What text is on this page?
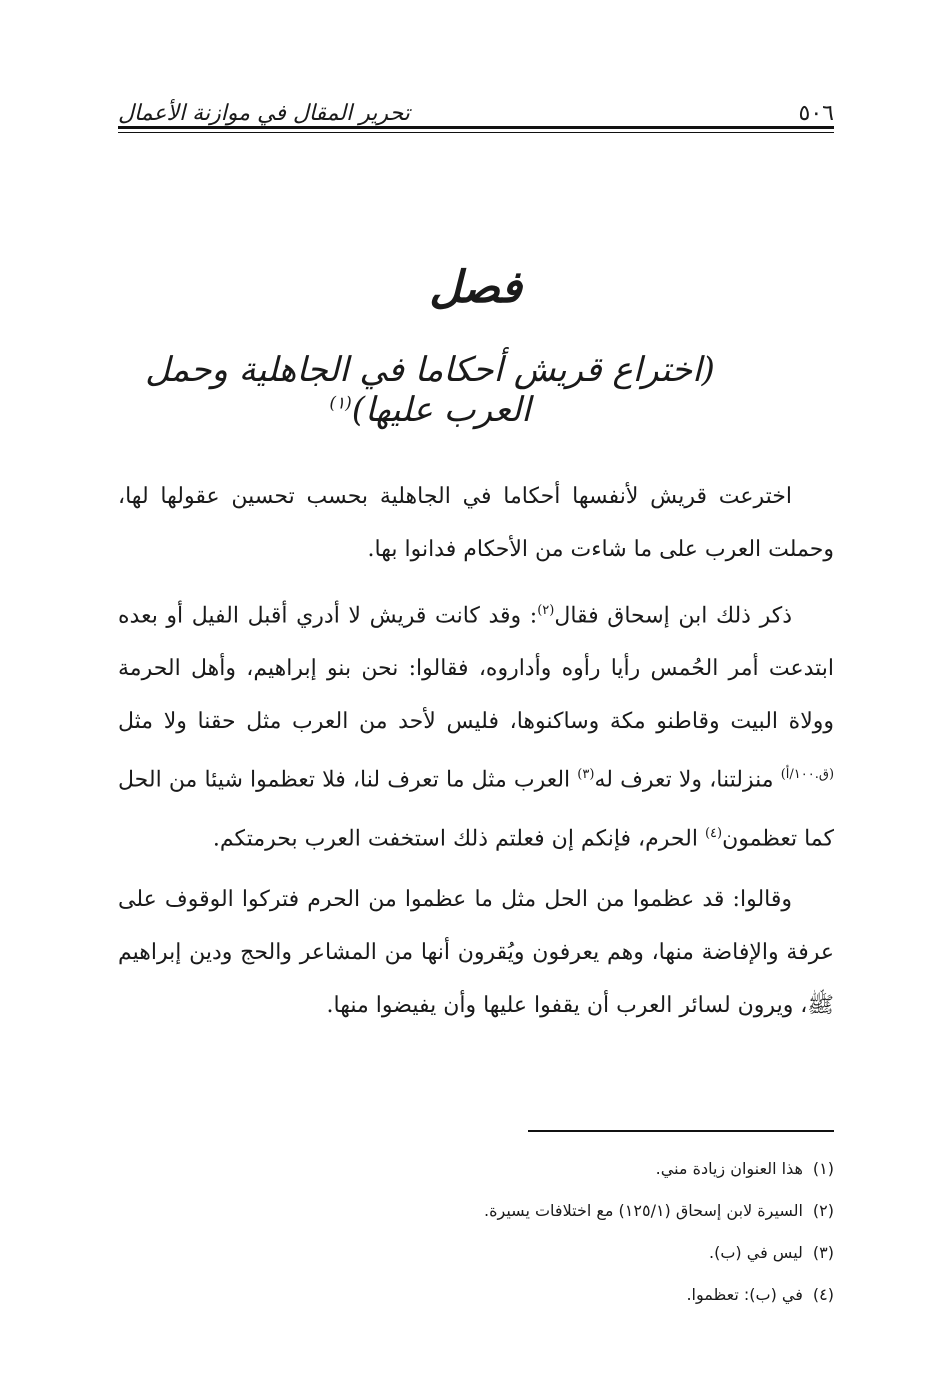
٥٠٦
تحرير المقال في موازنة الأعمال
فصل
(اختراع قريش أحكاما في الجاهلية وحمل العرب عليها)$^{(١)}$

اخترعت قريش لأنفسها أحكاما في الجاهلية بحسب تحسين عقولها لها، وحملت العرب على ما شاءت من الأحكام فدانوا بها.

ذكر ذلك ابن إسحاق فقال$^{(٢)}$: وقد كانت قريش لا أدري أقبل الفيل أو بعده ابتدعت أمر الحُمس رأيا رأوه وأداروه، فقالوا: نحن بنو إبراهيم، وأهل الحرمة وولاة البيت وقاطنو مكة وساكنوها، فليس لأحد من العرب مثل حقنا ولا مثل $^{(ق.١٠٠/أ)}$ منزلتنا، ولا تعرف له$^{(٣)}$ العرب مثل ما تعرف لنا، فلا تعظموا شيئا من الحل كما تعظمون$^{(٤)}$ الحرم، فإنكم إن فعلتم ذلك استخفت العرب بحرمتكم.

وقالوا: قد عظموا من الحل مثل ما عظموا من الحرم فتركوا الوقوف على عرفة والإفاضة منها، وهم يعرفون ويُقرون أنها من المشاعر والحج ودين إبراهيم ﷺ، ويرون لسائر العرب أن يقفوا عليها وأن يفيضوا منها.

(١)
هذا العنوان زيادة مني.
(٢)
السيرة لابن إسحاق (١٢٥/١) مع اختلافات يسيرة.
(٣)
ليس في (ب).
(٤)
في (ب): تعظموا.
